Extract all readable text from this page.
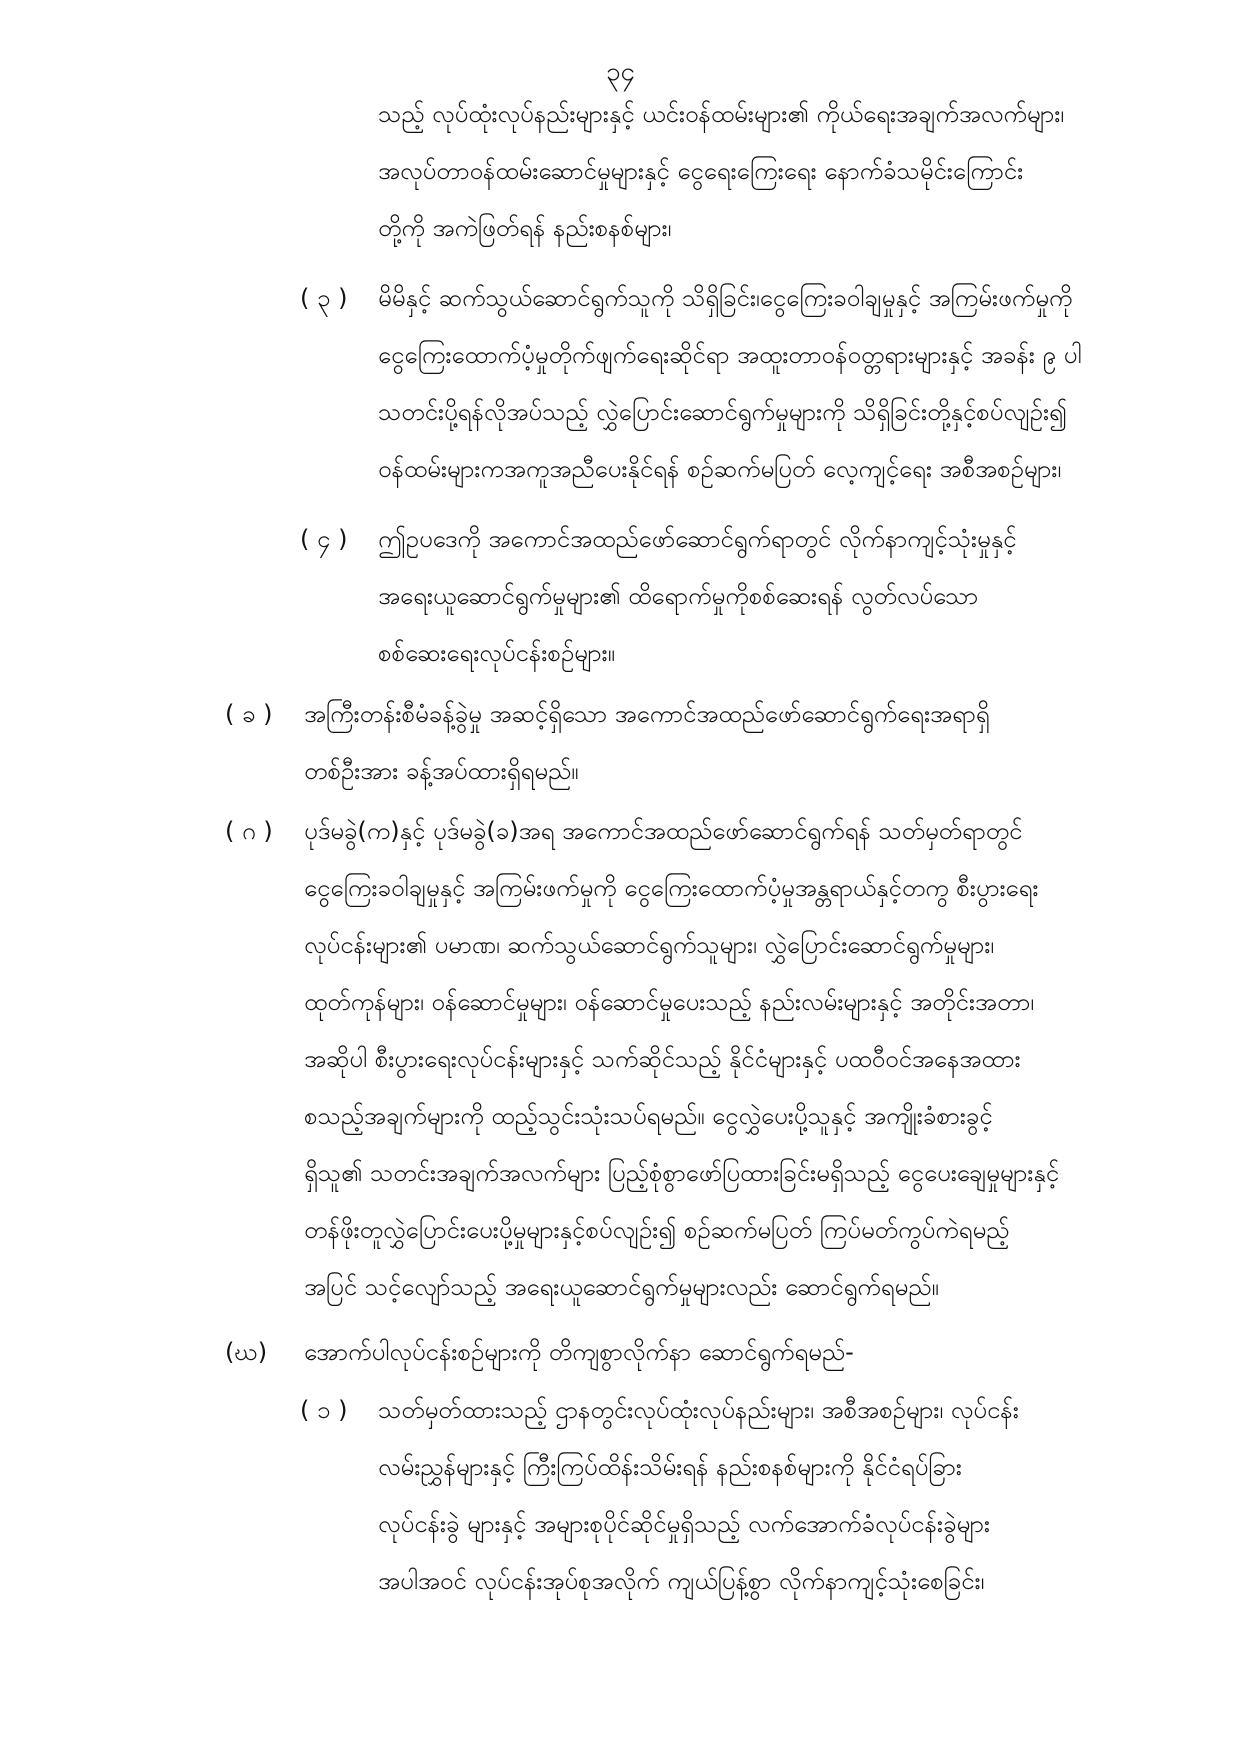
၃၄
သည့် လုပ်ထုံးလုပ်နည်းများနှင့် ယင်းဝန်ထမ်းများ၏ ကိုယ်ရေးအချက်အလက်များ၊
အလုပ်တာဝန်ထမ်းဆောင်မှုများနှင့် ငွေရေးကြေးရေး နောက်ခံသမိုင်းကြောင်း
တို့ကို အကဲဖြတ်ရန် နည်းစနစ်များ၊
( ၃ ) မိမိနှင့် ဆက်သွယ်ဆောင်ရွက်သူကို သိရှိခြင်း၊ငွေကြေးခဝါချမှုနှင့် အကြမ်းဖက်မှုကို
ငွေကြေးထောက်ပံ့မှုတိုက်ဖျက်ရေးဆိုင်ရာ အထူးတာဝန်ဝတ္တရားများနှင့် အခန်း ၉ ပါ
သတင်းပို့ရန်လိုအပ်သည့် လွှဲပြောင်းဆောင်ရွက်မှုများကို သိရှိခြင်းတို့နှင့်စပ်လျဉ်း၍
ဝန်ထမ်းများကအကူအညီပေးနိုင်ရန် စဉ်ဆက်မပြတ် လေ့ကျင့်ရေး အစီအစဉ်များ၊
( ၄ ) ဤဥပဒေကို အကောင်အထည်ဖော်ဆောင်ရွက်ရာတွင် လိုက်နာကျင့်သုံးမှုနှင့်
အရေးယူဆောင်ရွက်မှုများ၏ ထိရောက်မှုကိုစစ်ဆေးရန် လွတ်လပ်သော
စစ်ဆေးရေးလုပ်ငန်းစဉ်များ။
( ခ ) အကြီးတန်းစီမံခန့်ခွဲမှု အဆင့်ရှိသော အကောင်အထည်ဖော်ဆောင်ရွက်ရေးအရာရှိ
တစ်ဦးအား ခန့်အပ်ထားရှိရမည်။
( ဂ ) ပုဒ်မခွဲ(က)နှင့် ပုဒ်မခွဲ(ခ)အရ အကောင်အထည်ဖော်ဆောင်ရွက်ရန် သတ်မှတ်ရာတွင်
ငွေကြေးခဝါချမှုနှင့် အကြမ်းဖက်မှုကို ငွေကြေးထောက်ပံ့မှုအန္တရာယ်နှင့်တကွ စီးပွားရေး
လုပ်ငန်းများ၏ ပမာဏ၊ ဆက်သွယ်ဆောင်ရွက်သူများ၊ လွှဲပြောင်းဆောင်ရွက်မှုများ၊
ထုတ်ကုန်များ၊ ဝန်ဆောင်မှုများ၊ ဝန်ဆောင်မှုပေးသည့် နည်းလမ်းများနှင့် အတိုင်းအတာ၊
အဆိုပါ စီးပွားရေးလုပ်ငန်းများနှင့် သက်ဆိုင်သည့် နိုင်ငံများနှင့် ပထဝီဝင်အနေအထား
စသည့်အချက်များကို ထည့်သွင်းသုံးသပ်ရမည်။ ငွေလွှဲပေးပို့သူနှင့် အကျိုးခံစားခွင့်
ရှိသူ၏ သတင်းအချက်အလက်များ ပြည့်စုံစွာဖော်ပြထားခြင်းမရှိသည့် ငွေပေးချေမှုများနှင့်
တန်ဖိုးတူလွှဲပြောင်းပေးပို့မှုများနှင့်စပ်လျဉ်း၍ စဉ်ဆက်မပြတ် ကြပ်မတ်ကွပ်ကဲရမည့်
အပြင် သင့်လျော်သည့် အရေးယူဆောင်ရွက်မှုများလည်း ဆောင်ရွက်ရမည်။
(ဃ) အောက်ပါလုပ်ငန်းစဉ်များကို တိကျစွာလိုက်နာ ဆောင်ရွက်ရမည်-
( ၁ ) သတ်မှတ်ထားသည့် ဌာနတွင်းလုပ်ထုံးလုပ်နည်းများ၊ အစီအစဉ်များ၊ လုပ်ငန်း
လမ်းညွှန်များနှင့် ကြီးကြပ်ထိန်းသိမ်းရန် နည်းစနစ်များကို နိုင်ငံရပ်ခြား
လုပ်ငန်းခွဲ များနှင့် အများစုပိုင်ဆိုင်မှုရှိသည့် လက်အောက်ခံလုပ်ငန်းခွဲများ
အပါအဝင် လုပ်ငန်းအုပ်စုအလိုက် ကျယ်ပြန့်စွာ လိုက်နာကျင့်သုံးစေခြင်း၊
